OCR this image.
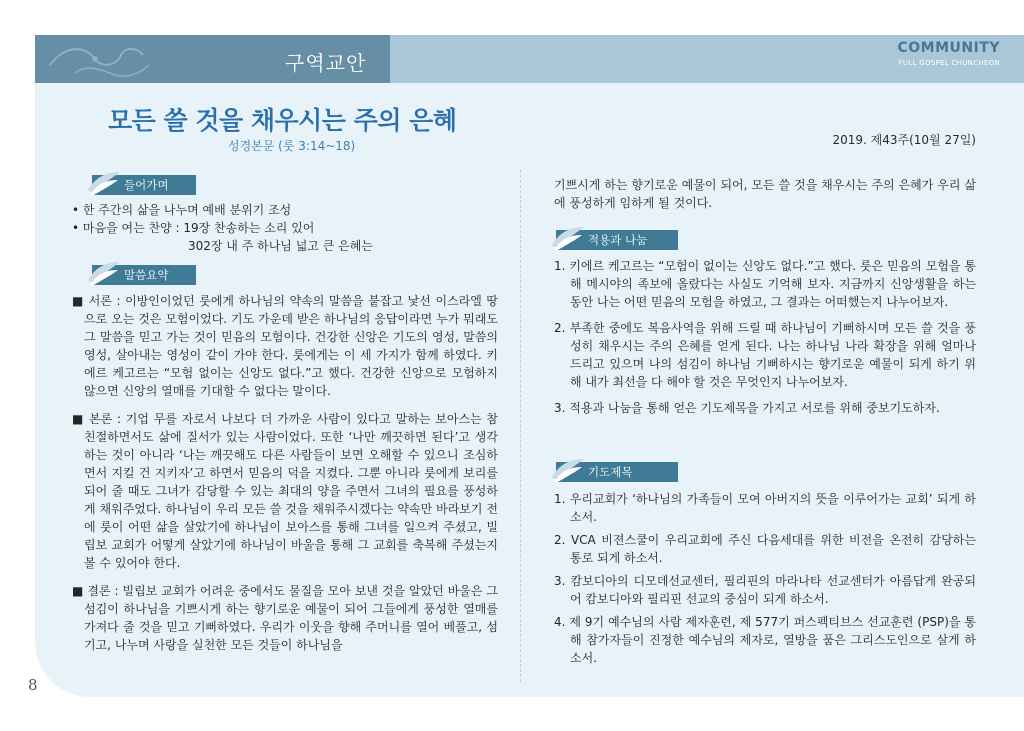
구역교안
COMMUNITY
FULL GOSPEL CHUNCHEON
모든 쓸 것을 채우시는 주의 은혜
성경본문 (룻 3:14~18)	2019. 제43주(10월 27일)
들어가며
• 한 주간의 삶을 나누며 예배 분위기 조성
• 마음을 여는 찬양 : 19장 찬송하는 소리 있어
302장 내 주 하나님 넓고 큰 은혜는
말씀요약

■ 서론 : 이방인이었던 룻에게 하나님의 약속의 말씀을 붙잡고 낯선 이스라엘 땅으로 오는 것은 모험이었다. 기도 가운데 받은 하나님의 응답이라면 누가 뭐래도 그 말씀을 믿고 가는 것이 믿음의 모험이다. 건강한 신앙은 기도의 영성, 말씀의 영성, 살아내는 영성이 같이 가야 한다. 룻에게는 이 세 가지가 함께 하였다. 키에르 케고르는 “모험 없이는 신앙도 없다.”고 했다. 건강한 신앙으로 모험하지 않으면 신앙의 열매를 기대할 수 없다는 말이다.

■ 본론 : 기업 무를 자로서 나보다 더 가까운 사람이 있다고 말하는 보아스는 참 친절하면서도 삶에 질서가 있는 사람이었다. 또한 ‘나만 깨끗하면 된다’고 생각하는 것이 아니라 ‘나는 깨끗해도 다른 사람들이 보면 오해할 수 있으니 조심하면서 지킬 건 지키자’고 하면서 믿음의 덕을 지켰다. 그뿐 아니라 룻에게 보리를 되어 줄 때도 그녀가 감당할 수 있는 최대의 양을 주면서 그녀의 필요를 풍성하게 채워주었다. 하나님이 우리 모든 쓸 것을 채워주시겠다는 약속만 바라보기 전에 룻이 어떤 삶을 살았기에 하나님이 보아스를 통해 그녀를 일으켜 주셨고, 빌립보 교회가 어떻게 살았기에 하나님이 바울을 통해 그 교회를 축복해 주셨는지 볼 수 있어야 한다.

■ 결론 : 빌립보 교회가 어려운 중에서도 물질을 모아 보낸 것을 알았던 바울은 그 섬김이 하나님을 기쁘시게 하는 향기로운 예물이 되어 그들에게 풍성한 열매를 가져다 줄 것을 믿고 기뻐하였다. 우리가 이웃을 향해 주머니를 열어 베풀고, 섬기고, 나누며 사랑을 실천한 모든 것들이 하나님을

기쁘시게 하는 향기로운 예물이 되어, 모든 쓸 것을 채우시는 주의 은혜가 우리 삶에 풍성하게 임하게 될 것이다.
적용과 나눔
1. 키에르 케고르는 “모험이 없이는 신앙도 없다.”고 했다. 룻은 믿음의 모험을 통해 메시야의 족보에 올랐다는 사실도 기억해 보자. 지금까지 신앙생활을 하는 동안 나는 어떤 믿음의 모험을 하였고, 그 결과는 어떠했는지 나누어보자.
2. 부족한 중에도 복음사역을 위해 드릴 때 하나님이 기뻐하시며 모든 쓸 것을 풍성히 채우시는 주의 은혜를 얻게 된다. 나는 하나님 나라 확장을 위해 얼마나 드리고 있으며 나의 섬김이 하나님 기뻐하시는 향기로운 예물이 되게 하기 위해 내가 최선을 다 해야 할 것은 무엇인지 나누어보자.
3. 적용과 나눔을 통해 얻은 기도제목을 가지고 서로를 위해 중보기도하자.
기도제목
1. 우리교회가 ‘하나님의 가족들이 모여 아버지의 뜻을 이루어가는 교회’ 되게 하소서.
2. VCA 비젼스쿨이 우리교회에 주신 다음세대를 위한 비전을 온전히 감당하는 통로 되게 하소서.
3. 캄보디아의 디모데선교센터, 필리핀의 마라나타 선교센터가 아름답게 완공되어 캄보디아와 필리핀 선교의 중심이 되게 하소서.
4. 제 9기 예수님의 사람 제자훈련, 제 577기 퍼스펙티브스 선교훈련 (PSP)을 통해 참가자들이 진정한 예수님의 제자로, 열방을 품은 그리스도인으로 살게 하소서.
8
